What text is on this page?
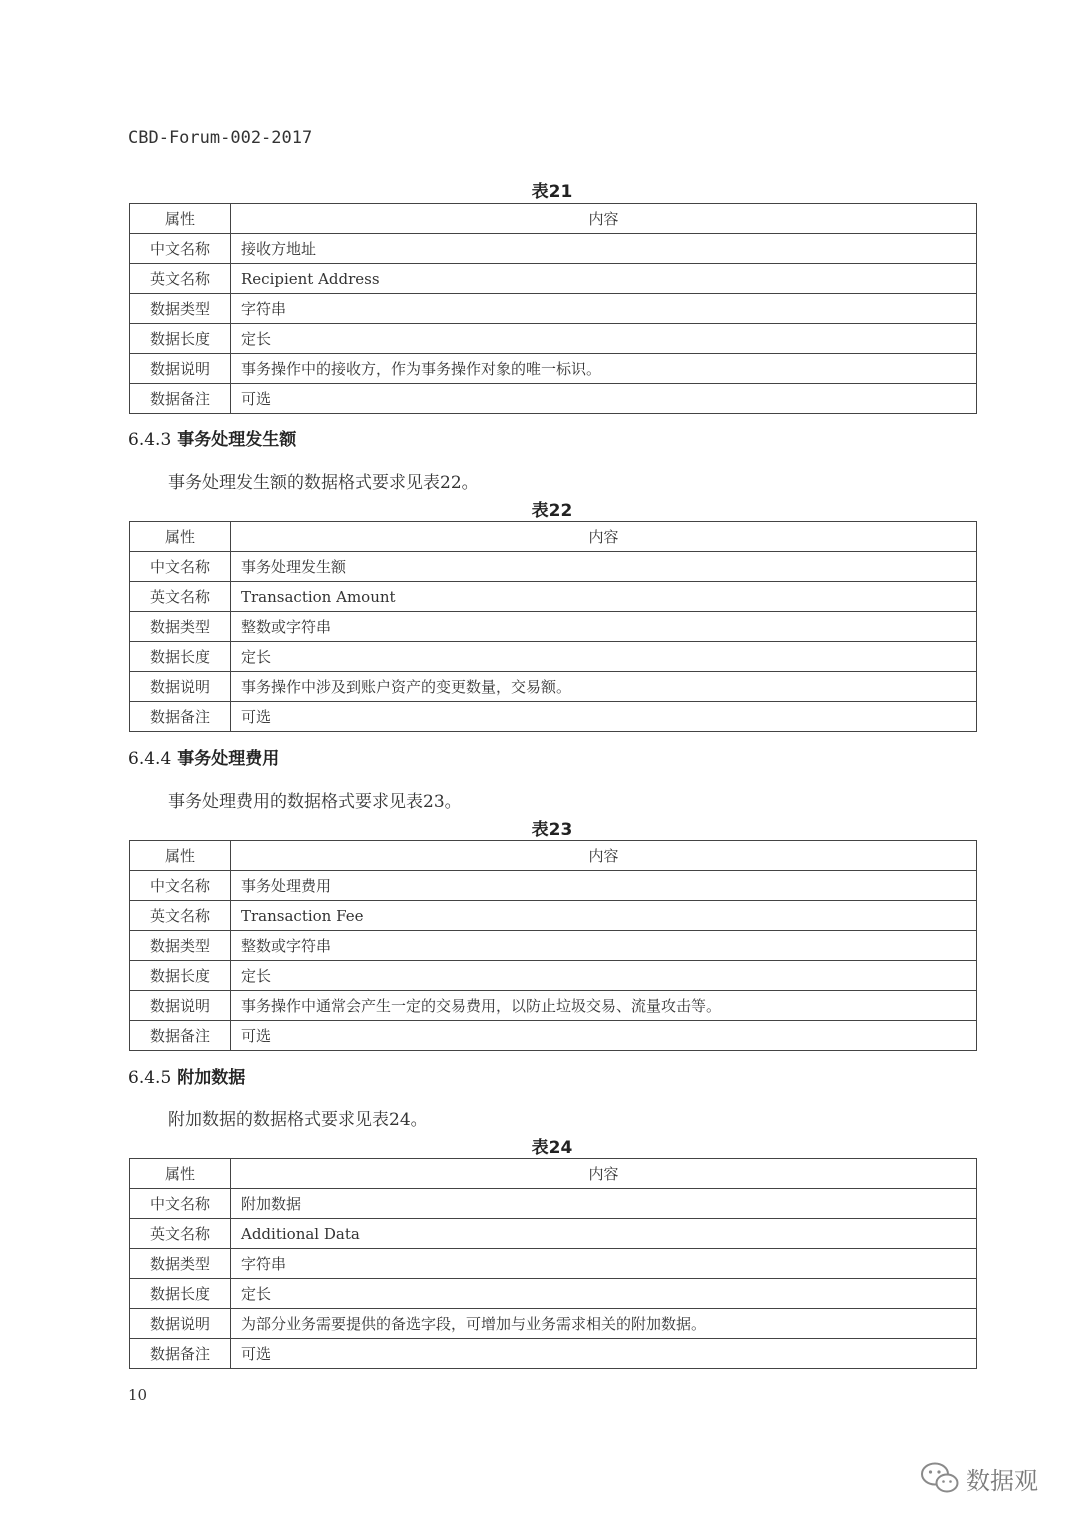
CBD-Forum-002-2017
表21
属性	内容
中文名称	接收方地址
英文名称	Recipient Address
数据类型	字符串
数据长度	定长
数据说明	事务操作中的接收方，作为事务操作对象的唯一标识。
数据备注	可选
6.4.3 事务处理发生额
事务处理发生额的数据格式要求见表22。
表22
属性	内容
中文名称	事务处理发生额
英文名称	Transaction Amount
数据类型	整数或字符串
数据长度	定长
数据说明	事务操作中涉及到账户资产的变更数量，交易额。
数据备注	可选
6.4.4 事务处理费用
事务处理费用的数据格式要求见表23。
表23
属性	内容
中文名称	事务处理费用
英文名称	Transaction Fee
数据类型	整数或字符串
数据长度	定长
数据说明	事务操作中通常会产生一定的交易费用，以防止垃圾交易、流量攻击等。
数据备注	可选
6.4.5 附加数据
附加数据的数据格式要求见表24。
表24
属性	内容
中文名称	附加数据
英文名称	Additional Data
数据类型	字符串
数据长度	定长
数据说明	为部分业务需要提供的备选字段，可增加与业务需求相关的附加数据。
数据备注	可选
10
数据观
